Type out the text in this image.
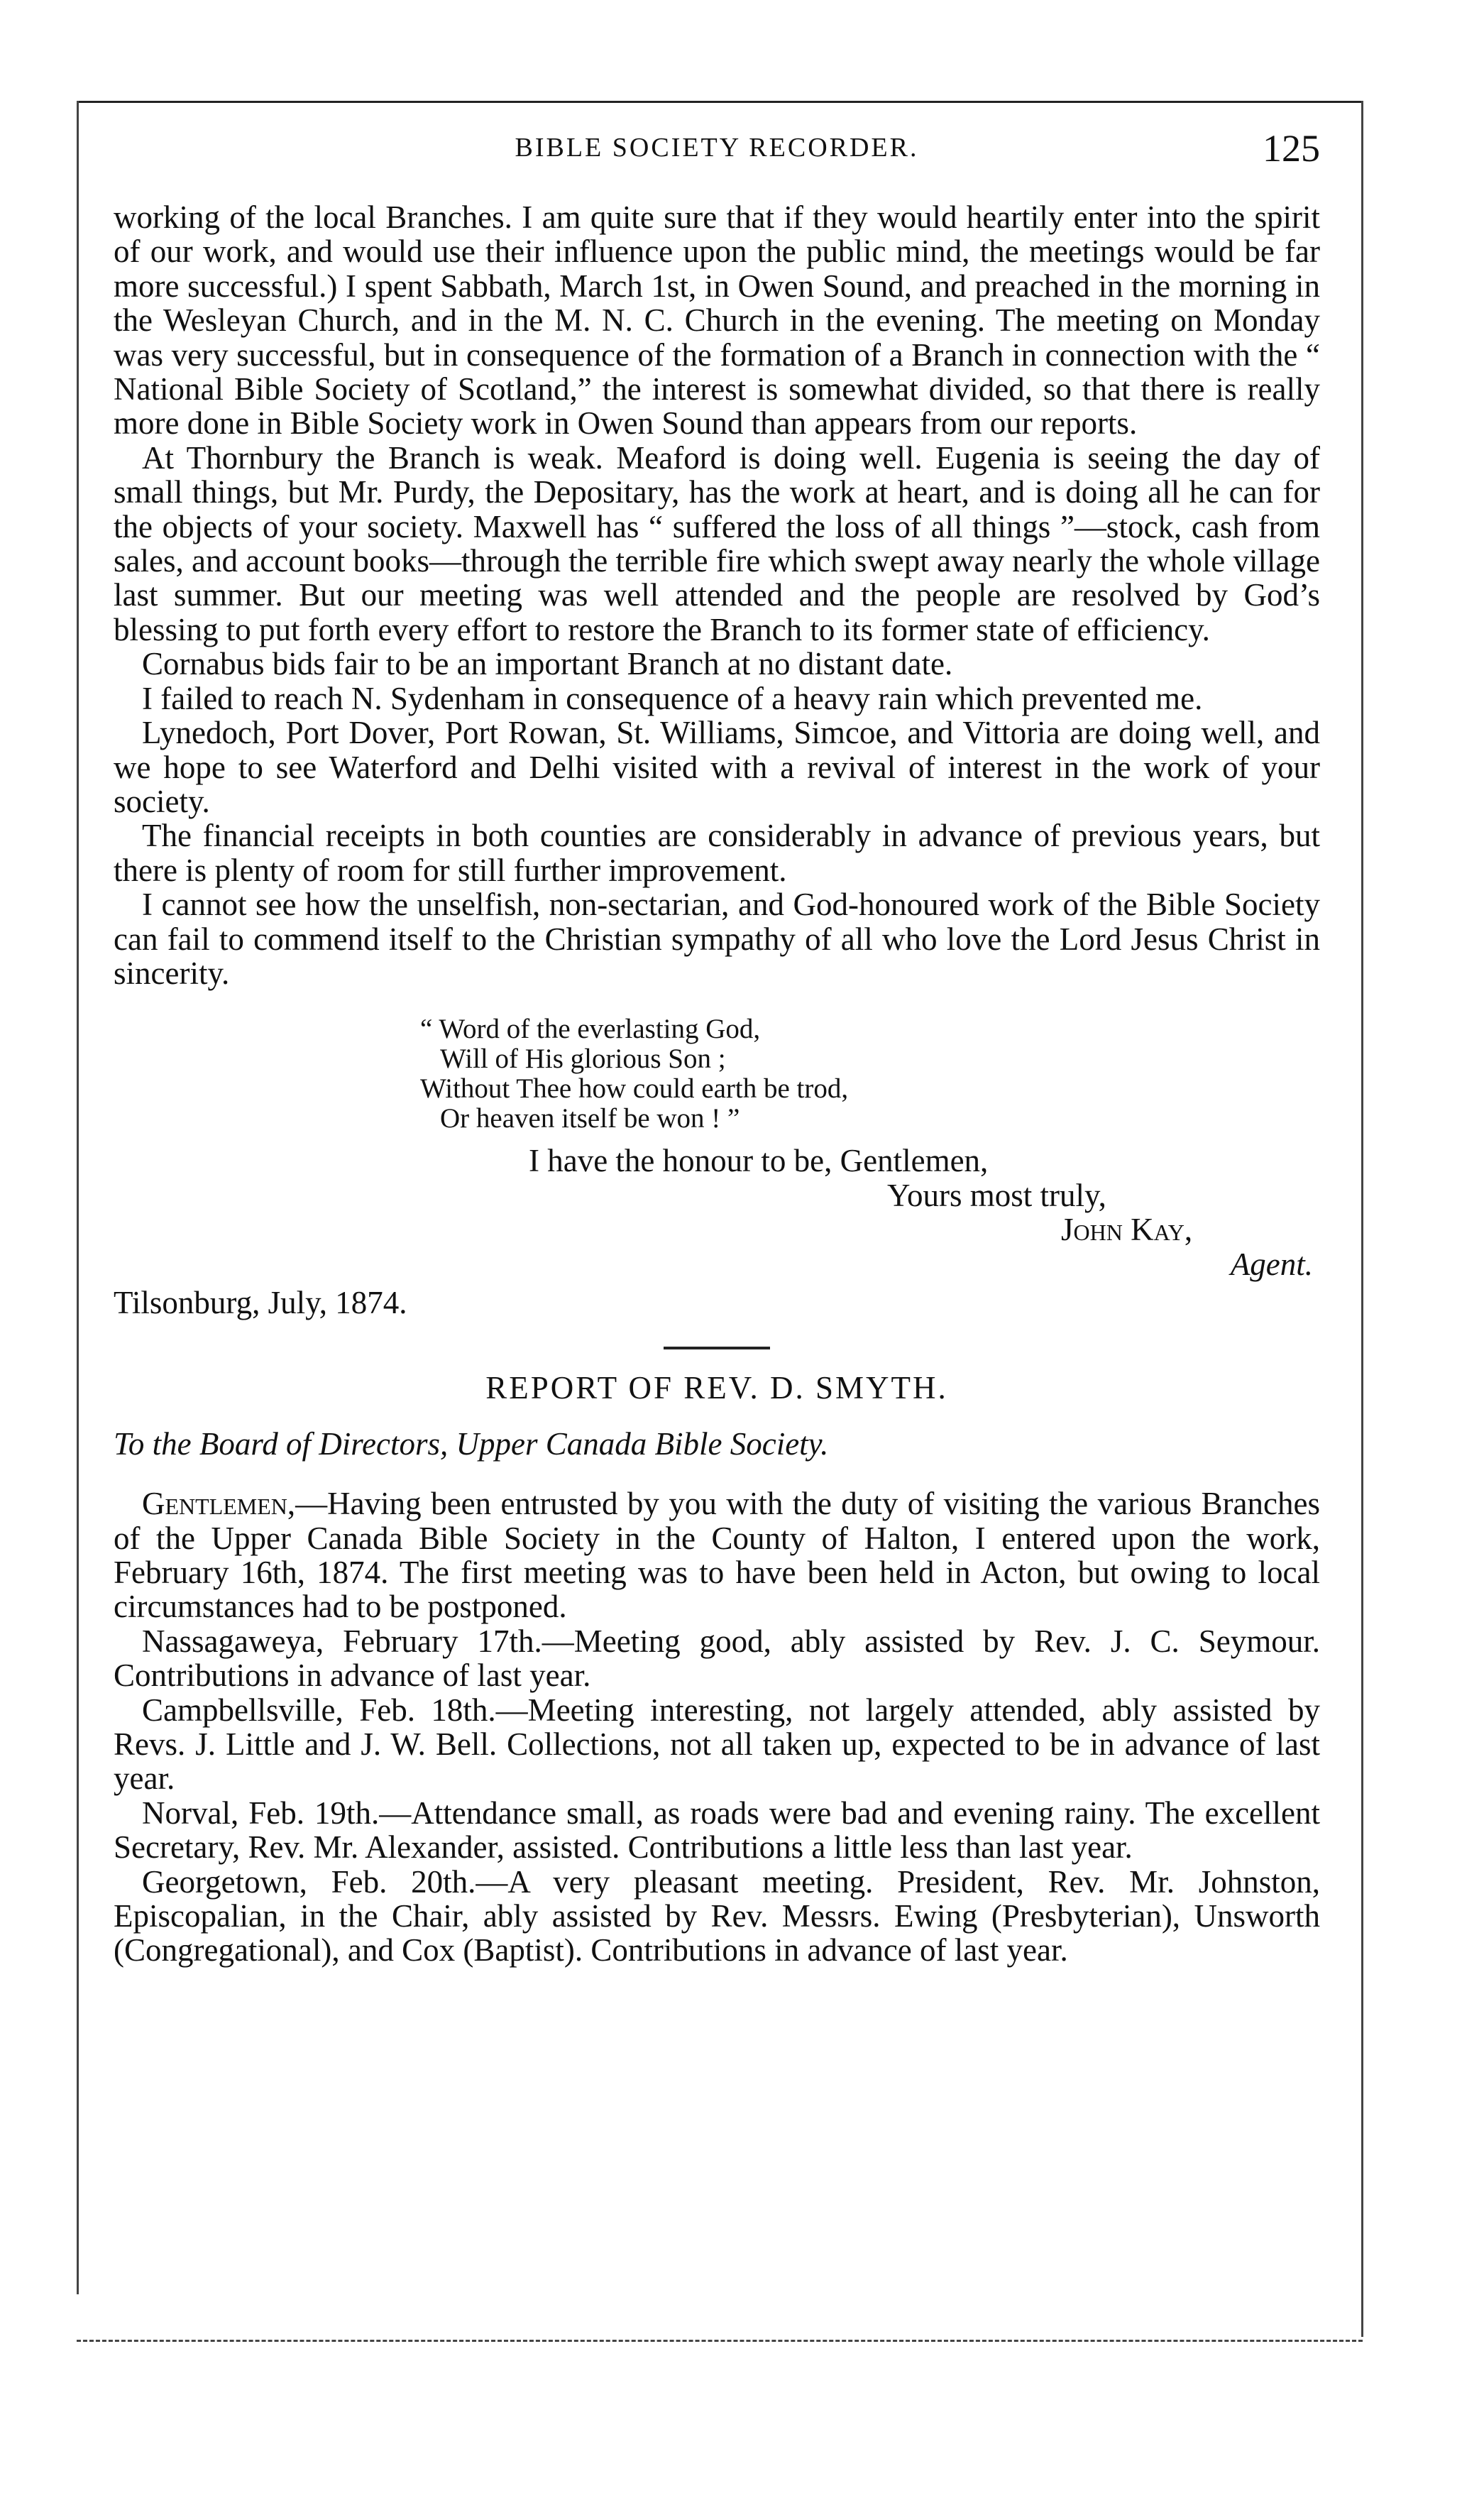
BIBLE SOCIETY RECORDER.	125

working of the local Branches. I am quite sure that if they would heartily enter into the spirit of our work, and would use their influence upon the public mind, the meetings would be far more successful.) I spent Sabbath, March 1st, in Owen Sound, and preached in the morning in the Wesleyan Church, and in the M. N. C. Church in the evening. The meeting on Monday was very successful, but in consequence of the formation of a Branch in connection with the “ National Bible Society of Scotland,” the interest is somewhat divided, so that there is really more done in Bible Society work in Owen Sound than appears from our reports.

At Thornbury the Branch is weak. Meaford is doing well. Eugenia is seeing the day of small things, but Mr. Purdy, the Depositary, has the work at heart, and is doing all he can for the objects of your society. Maxwell has “ suffered the loss of all things ”—stock, cash from sales, and account books—through the terrible fire which swept away nearly the whole village last summer. But our meeting was well attended and the people are resolved by God’s blessing to put forth every effort to restore the Branch to its former state of efficiency.

Cornabus bids fair to be an important Branch at no distant date.

I failed to reach N. Sydenham in consequence of a heavy rain which prevented me.

Lynedoch, Port Dover, Port Rowan, St. Williams, Simcoe, and Vittoria are doing well, and we hope to see Waterford and Delhi visited with a revival of interest in the work of your society.

The financial receipts in both counties are considerably in advance of previous years, but there is plenty of room for still further improvement.

I cannot see how the unselfish, non-sectarian, and God-honoured work of the Bible Society can fail to commend itself to the Christian sympathy of all who love the Lord Jesus Christ in sincerity.

“ Word of the everlasting God,
Will of His glorious Son ;
Without Thee how could earth be trod,
Or heaven itself be won ! ”
I have the honour to be, Gentlemen,
Yours most truly,
John Kay,
Agent.
Tilsonburg, July, 1874.

REPORT OF REV. D. SMYTH.

To the Board of Directors, Upper Canada Bible Society.

Gentlemen,—Having been entrusted by you with the duty of visiting the various Branches of the Upper Canada Bible Society in the County of Halton, I entered upon the work, February 16th, 1874. The first meeting was to have been held in Acton, but owing to local circumstances had to be postponed.

Nassagaweya, February 17th.—Meeting good, ably assisted by Rev. J. C. Seymour. Contributions in advance of last year.

Campbellsville, Feb. 18th.—Meeting interesting, not largely attended, ably assisted by Revs. J. Little and J. W. Bell. Collections, not all taken up, expected to be in advance of last year.

Norval, Feb. 19th.—Attendance small, as roads were bad and evening rainy. The excellent Secretary, Rev. Mr. Alexander, assisted. Contributions a little less than last year.

Georgetown, Feb. 20th.—A very pleasant meeting. President, Rev. Mr. Johnston, Episcopalian, in the Chair, ably assisted by Rev. Messrs. Ewing (Presbyterian), Unsworth (Congregational), and Cox (Baptist). Contributions in advance of last year.
